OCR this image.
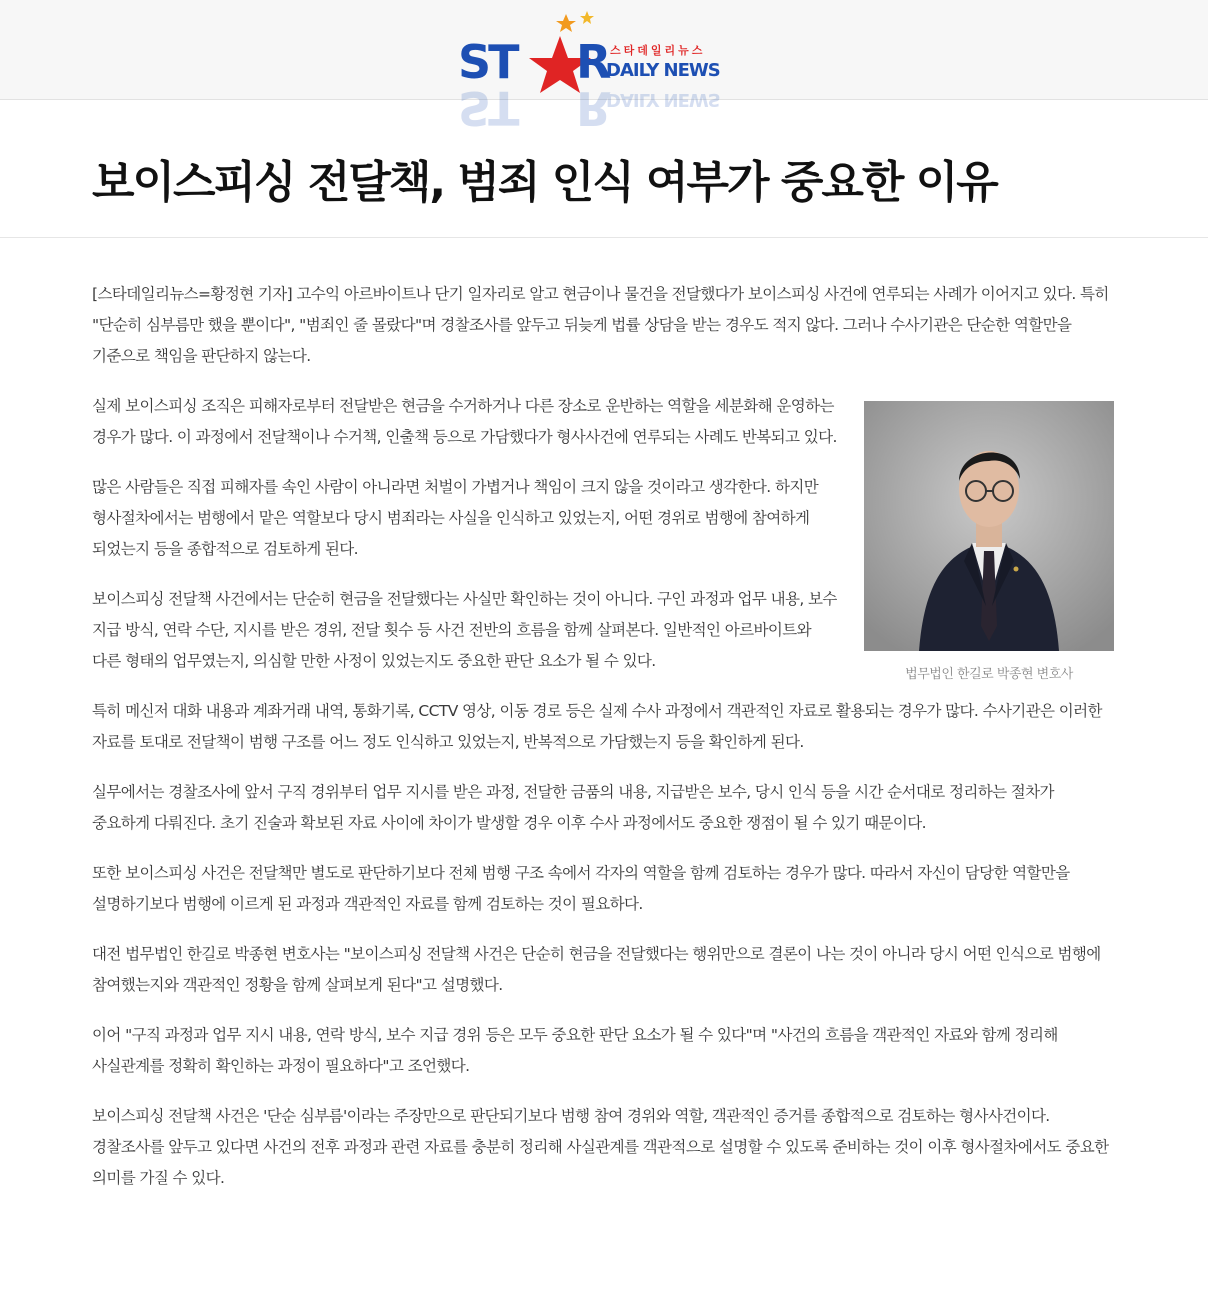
ST R
스타데일리뉴스
DAILY NEWS
ST R
DAILY NEWS
보이스피싱 전달책, 범죄 인식 여부가 중요한 이유

[스타데일리뉴스=황정현 기자] 고수익 아르바이트나 단기 일자리로 알고 현금이나 물건을 전달했다가 보이스피싱 사건에 연루되는 사례가 이어지고 있다. 특히 "단순히 심부름만 했을 뿐이다", "범죄인 줄 몰랐다"며 경찰조사를 앞두고 뒤늦게 법률 상담을 받는 경우도 적지 않다. 그러나 수사기관은 단순한 역할만을 기준으로 책임을 판단하지 않는다.

법무법인 한길로 박종현 변호사

실제 보이스피싱 조직은 피해자로부터 전달받은 현금을 수거하거나 다른 장소로 운반하는 역할을 세분화해 운영하는 경우가 많다. 이 과정에서 전달책이나 수거책, 인출책 등으로 가담했다가 형사사건에 연루되는 사례도 반복되고 있다.

많은 사람들은 직접 피해자를 속인 사람이 아니라면 처벌이 가볍거나 책임이 크지 않을 것이라고 생각한다. 하지만 형사절차에서는 범행에서 맡은 역할보다 당시 범죄라는 사실을 인식하고 있었는지, 어떤 경위로 범행에 참여하게 되었는지 등을 종합적으로 검토하게 된다.

보이스피싱 전달책 사건에서는 단순히 현금을 전달했다는 사실만 확인하는 것이 아니다. 구인 과정과 업무 내용, 보수 지급 방식, 연락 수단, 지시를 받은 경위, 전달 횟수 등 사건 전반의 흐름을 함께 살펴본다. 일반적인 아르바이트와 다른 형태의 업무였는지, 의심할 만한 사정이 있었는지도 중요한 판단 요소가 될 수 있다.

특히 메신저 대화 내용과 계좌거래 내역, 통화기록, CCTV 영상, 이동 경로 등은 실제 수사 과정에서 객관적인 자료로 활용되는 경우가 많다. 수사기관은 이러한 자료를 토대로 전달책이 범행 구조를 어느 정도 인식하고 있었는지, 반복적으로 가담했는지 등을 확인하게 된다.

실무에서는 경찰조사에 앞서 구직 경위부터 업무 지시를 받은 과정, 전달한 금품의 내용, 지급받은 보수, 당시 인식 등을 시간 순서대로 정리하는 절차가 중요하게 다뤄진다. 초기 진술과 확보된 자료 사이에 차이가 발생할 경우 이후 수사 과정에서도 중요한 쟁점이 될 수 있기 때문이다.

또한 보이스피싱 사건은 전달책만 별도로 판단하기보다 전체 범행 구조 속에서 각자의 역할을 함께 검토하는 경우가 많다. 따라서 자신이 담당한 역할만을 설명하기보다 범행에 이르게 된 과정과 객관적인 자료를 함께 검토하는 것이 필요하다.

대전 법무법인 한길로 박종현 변호사는 "보이스피싱 전달책 사건은 단순히 현금을 전달했다는 행위만으로 결론이 나는 것이 아니라 당시 어떤 인식으로 범행에 참여했는지와 객관적인 정황을 함께 살펴보게 된다"고 설명했다.

이어 "구직 과정과 업무 지시 내용, 연락 방식, 보수 지급 경위 등은 모두 중요한 판단 요소가 될 수 있다"며 "사건의 흐름을 객관적인 자료와 함께 정리해 사실관계를 정확히 확인하는 과정이 필요하다"고 조언했다.

보이스피싱 전달책 사건은 '단순 심부름'이라는 주장만으로 판단되기보다 범행 참여 경위와 역할, 객관적인 증거를 종합적으로 검토하는 형사사건이다. 경찰조사를 앞두고 있다면 사건의 전후 과정과 관련 자료를 충분히 정리해 사실관계를 객관적으로 설명할 수 있도록 준비하는 것이 이후 형사절차에서도 중요한 의미를 가질 수 있다.
